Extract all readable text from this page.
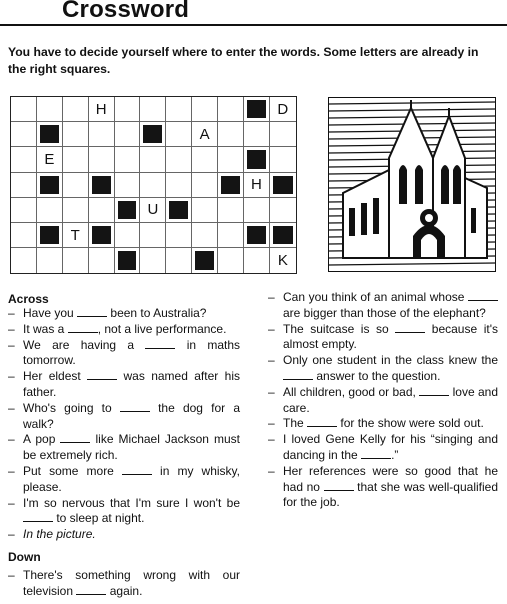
Crossword
You have to decide yourself where to enter the words. Some letters are already in the right squares.
H	D
A
E
H
U
T
K
Across
– Have you	been to Australia?
– It was a	, not a live performance.
– We are having a	in maths tomorrow.
– Her eldest	was named after his father.
– Who's going to	the dog for a walk?
– A pop	like Michael Jackson must be extremely rich.
– Put some more	in my whisky, please.
– I'm so nervous that I'm sure I won't be  to sleep at night.
– In the picture.
Down
– There's something wrong with our television	again.
– Can you think of an animal whose  are bigger than those of the elephant?
– The suitcase is so	because it's almost empty.
– Only one student in the class knew the  answer to the question.
– All children, good or bad,	love and care.
– The	for the show were sold out.
– I loved Gene Kelly for his “singing and dancing in the	.”
– Her references were so good that he had no	that she was well-qualified for the job.
